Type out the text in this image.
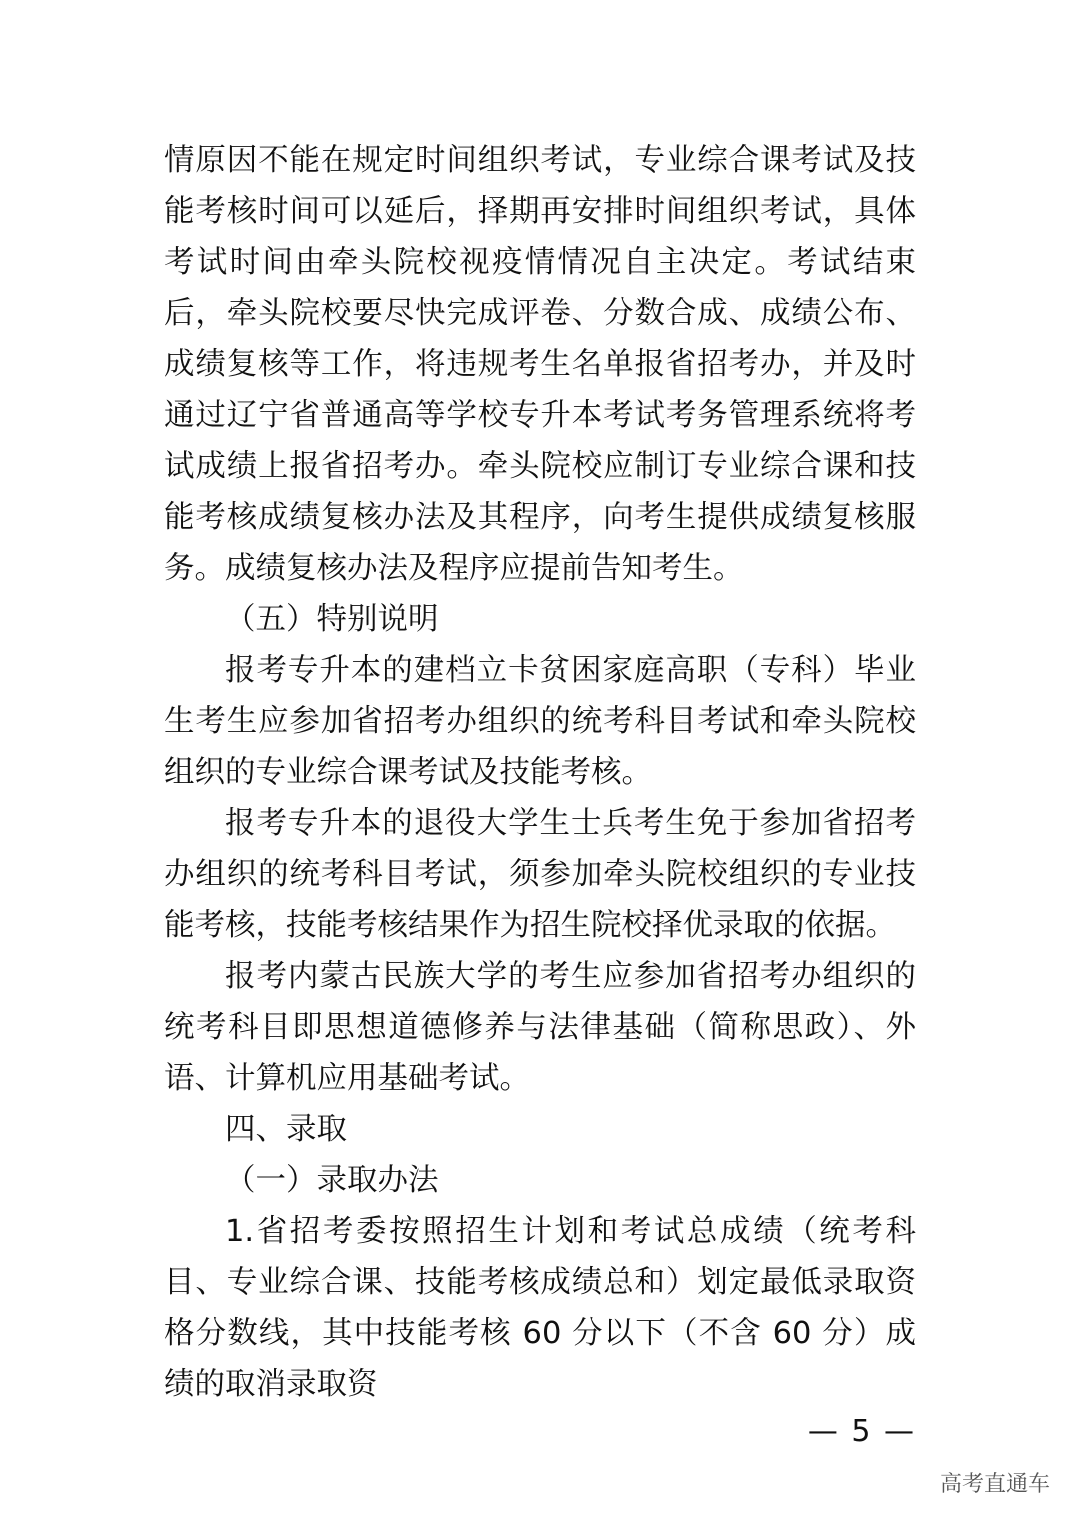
情原因不能在规定时间组织考试，专业综合课考试及技能考核时间可以延后，择期再安排时间组织考试，具体考试时间由牵头院校视疫情情况自主决定。考试结束后，牵头院校要尽快完成评卷、分数合成、成绩公布、成绩复核等工作，将违规考生名单报省招考办，并及时通过辽宁省普通高等学校专升本考试考务管理系统将考试成绩上报省招考办。牵头院校应制订专业综合课和技能考核成绩复核办法及其程序，向考生提供成绩复核服务。成绩复核办法及程序应提前告知考生。

（五）特别说明

报考专升本的建档立卡贫困家庭高职（专科）毕业生考生应参加省招考办组织的统考科目考试和牵头院校组织的专业综合课考试及技能考核。

报考专升本的退役大学生士兵考生免于参加省招考办组织的统考科目考试，须参加牵头院校组织的专业技能考核，技能考核结果作为招生院校择优录取的依据。

报考内蒙古民族大学的考生应参加省招考办组织的统考科目即思想道德修养与法律基础（简称思政）、外语、计算机应用基础考试。

四、录取

（一）录取办法

1.省招考委按照招生计划和考试总成绩（统考科目、专业综合课、技能考核成绩总和）划定最低录取资格分数线，其中技能考核 60 分以下（不含 60 分）成绩的取消录取资

— 5 —
高考直通车
